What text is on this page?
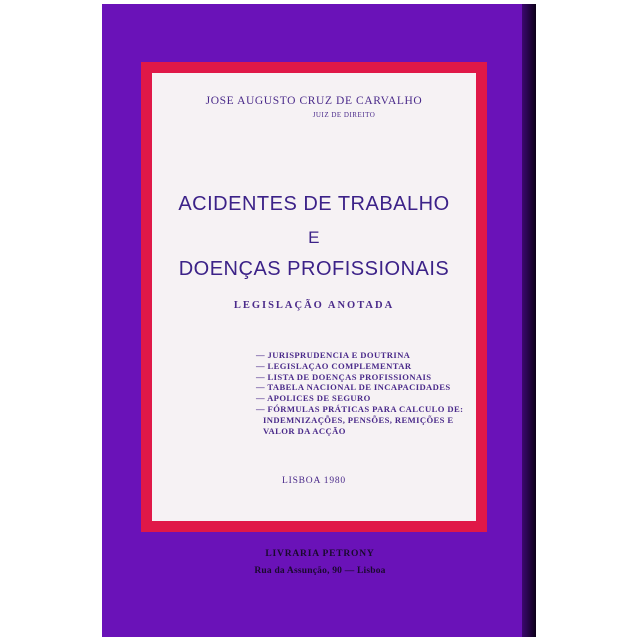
JOSE AUGUSTO CRUZ DE CARVALHO
JUIZ DE DIREITO
ACIDENTES DE TRABALHO
E
DOENÇAS PROFISSIONAIS
LEGISLAÇÃO ANOTADA
— JURISPRUDENCIA E DOUTRINA
— LEGISLAÇAO COMPLEMENTAR
— LISTA DE DOENÇAS PROFISSIONAIS
— TABELA NACIONAL DE INCAPACIDADES
— APOLICES DE SEGURO
— FÓRMULAS PRÁTICAS PARA CALCULO DE:
INDEMNIZAÇÕES, PENSÕES, REMIÇÕES E
VALOR DA ACÇÃO
LISBOA 1980
LIVRARIA PETRONY
Rua da Assunção, 90 — Lisboa
